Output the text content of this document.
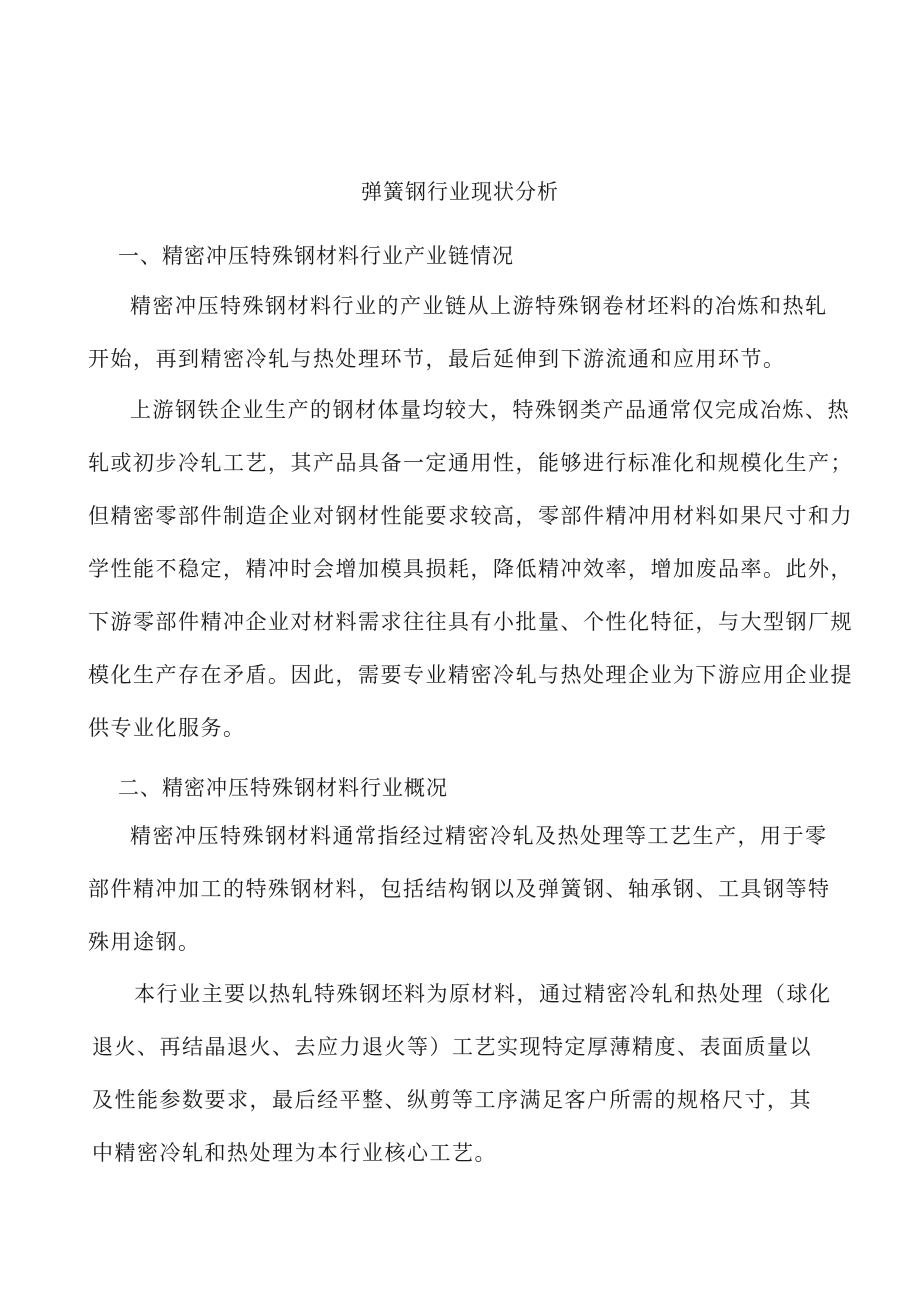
弹簧钢行业现状分析
一、精密冲压特殊钢材料行业产业链情况

精密冲压特殊钢材料行业的产业链从上游特殊钢卷材坯料的冶炼和热轧开始，再到精密冷轧与热处理环节，最后延伸到下游流通和应用环节。

上游钢铁企业生产的钢材体量均较大，特殊钢类产品通常仅完成冶炼、热轧或初步冷轧工艺，其产品具备一定通用性，能够进行标准化和规模化生产；但精密零部件制造企业对钢材性能要求较高，零部件精冲用材料如果尺寸和力学性能不稳定，精冲时会增加模具损耗，降低精冲效率，增加废品率。此外，下游零部件精冲企业对材料需求往往具有小批量、个性化特征，与大型钢厂规模化生产存在矛盾。因此，需要专业精密冷轧与热处理企业为下游应用企业提供专业化服务。

二、精密冲压特殊钢材料行业概况

精密冲压特殊钢材料通常指经过精密冷轧及热处理等工艺生产，用于零部件精冲加工的特殊钢材料，包括结构钢以及弹簧钢、轴承钢、工具钢等特殊用途钢。

本行业主要以热轧特殊钢坯料为原材料，通过精密冷轧和热处理（球化退火、再结晶退火、去应力退火等）工艺实现特定厚薄精度、表面质量以及性能参数要求，最后经平整、纵剪等工序满足客户所需的规格尺寸，其中精密冷轧和热处理为本行业核心工艺。
